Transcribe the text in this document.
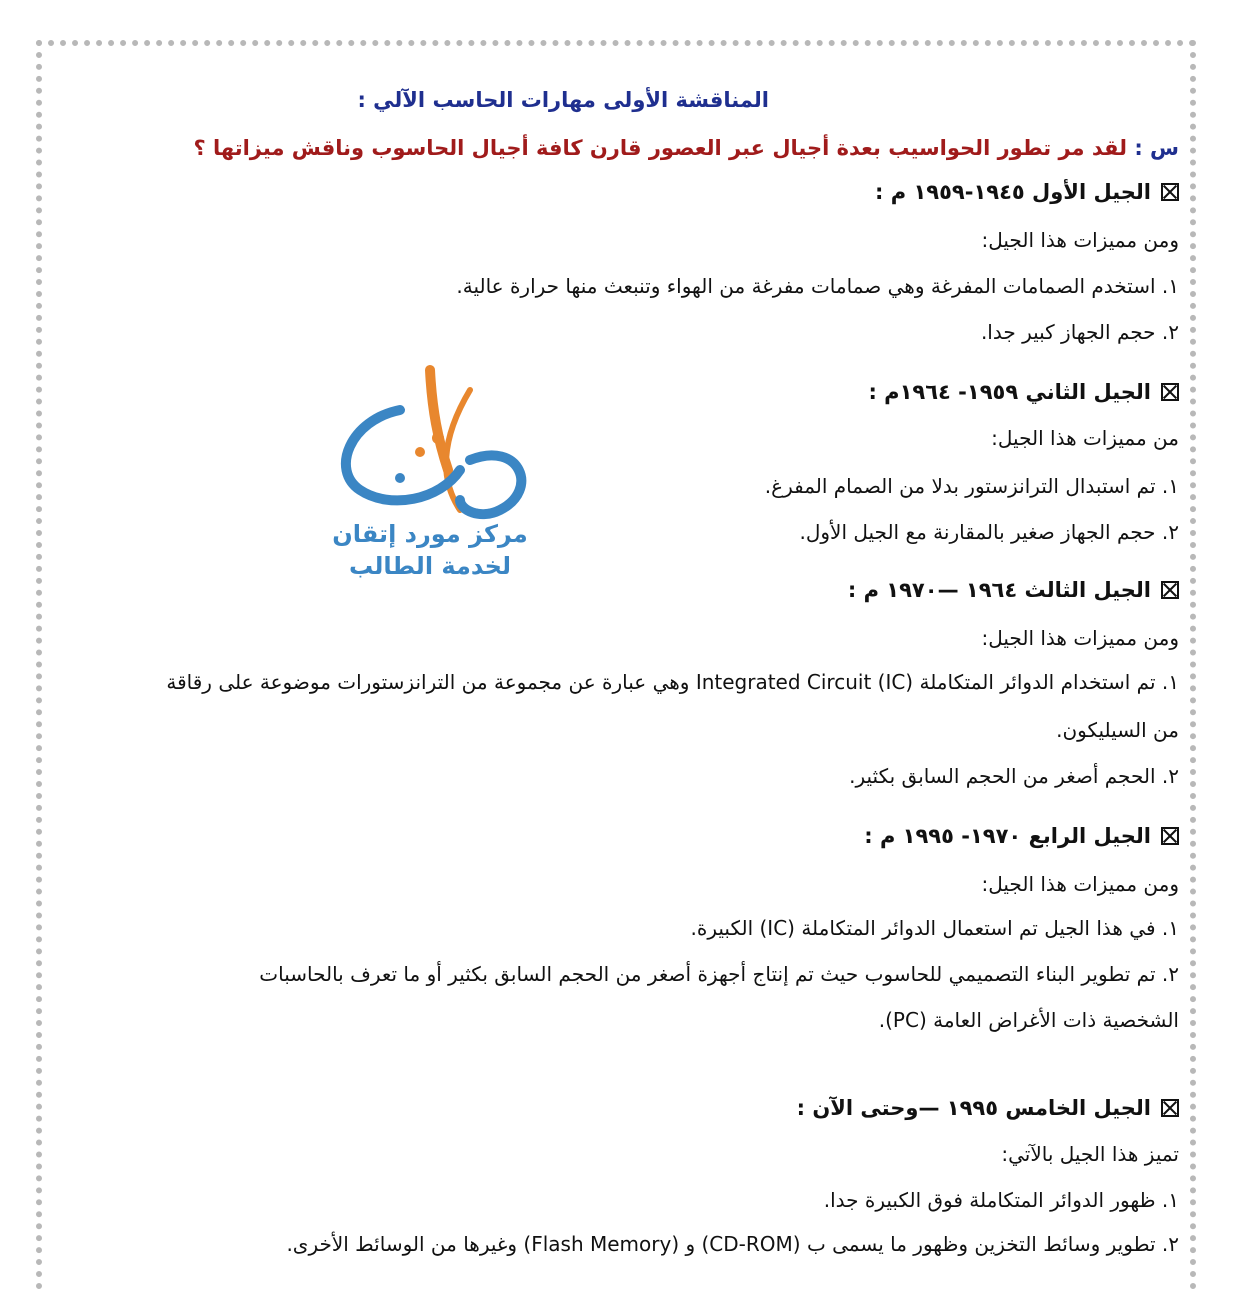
المناقشة الأولى مهارات الحاسب الآلي :
س : لقد مر تطور الحواسيب بعدة أجيال عبر العصور قارن كافة أجيال الحاسوب وناقش ميزاتها ؟
الجيل الأول ١٩٤٥-١٩٥٩ م :
ومن مميزات هذا الجيل:
١. استخدم الصمامات المفرغة وهي صمامات مفرغة من الهواء وتنبعث منها حرارة عالية.
٢. حجم الجهاز كبير جدا.
الجيل الثاني ١٩٥٩- ١٩٦٤م :
من مميزات هذا الجيل:
١. تم استبدال الترانزستور بدلا من الصمام المفرغ.
٢. حجم الجهاز صغير بالمقارنة مع الجيل الأول.
الجيل الثالث ١٩٦٤ —١٩٧٠ م :
ومن مميزات هذا الجيل:
١. تم استخدام الدوائر المتكاملة Integrated Circuit (IC) وهي عبارة عن مجموعة من الترانزستورات موضوعة على رقاقة
من السيليكون.
٢. الحجم أصغر من الحجم السابق بكثير.
الجيل الرابع ١٩٧٠- ١٩٩٥ م :
ومن مميزات هذا الجيل:
١. في هذا الجيل تم استعمال الدوائر المتكاملة (IC) الكبيرة.
٢. تم تطوير البناء التصميمي للحاسوب حيث تم إنتاج أجهزة أصغر من الحجم السابق بكثير أو ما تعرف بالحاسبات
الشخصية ذات الأغراض العامة (PC).
الجيل الخامس ١٩٩٥ —وحتى الآن :
تميز هذا الجيل بالآتي:
١. ظهور الدوائر المتكاملة فوق الكبيرة جدا.
٢. تطوير وسائط التخزين وظهور ما يسمى ب (CD-ROM) و (Flash Memory) وغيرها من الوسائط الأخرى.
مركز مورد إتقان
لخدمة الطالب
